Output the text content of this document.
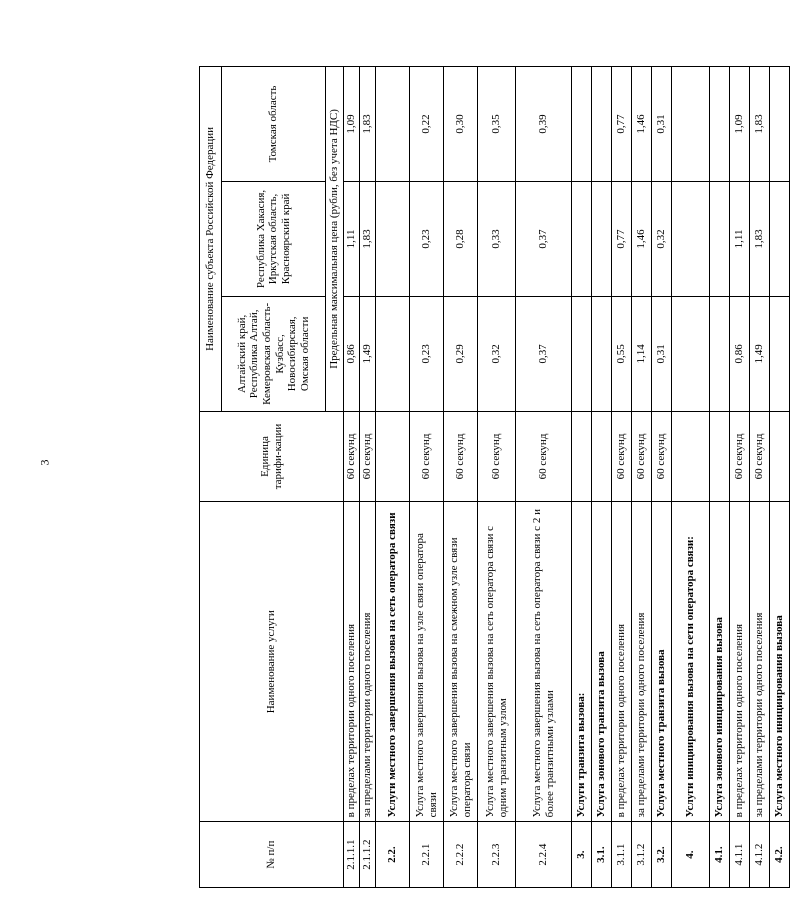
3
№ п/п	Наименование услуги	Единица тарифи-кации	Наименование субъекта Российской Федерации		
			Алтайский край, Республика Алтай, Кемеровская область-Кузбасс, Новосибирская, Омская области	Республика Хакасия, Иркутская область, Красноярский край	Томская область
			Предельная максимальная цена (рубли, без учета НДС)		
2.1.1.1	в пределах территории одного поселения	60 секунд	0,86	1,11	1,09
2.1.1.2	за пределами территории одного поселения	60 секунд	1,49	1,83	1,83
2.2.	Услуги местного завершения вызова на сеть оператора связи				
2.2.1	Услуга местного завершения вызова на узле связи оператора связи	60 секунд	0,23	0,23	0,22
2.2.2	Услуга местного завершения вызова на смежном узле связи оператора связи	60 секунд	0,29	0,28	0,30
2.2.3	Услуга местного завершения вызова на сеть оператора связи с одним транзитным узлом	60 секунд	0,32	0,33	0,35
2.2.4	Услуга местного завершения вызова на сеть оператора связи с 2 и более транзитными узлами	60 секунд	0,37	0,37	0,39
3.	Услуги транзита вызова:				
3.1.	Услуга зонового транзита вызова				
3.1.1	в пределах территории одного поселения	60 секунд	0,55	0,77	0,77
3.1.2	за пределами территории одного поселения	60 секунд	1,14	1,46	1,46
3.2.	Услуга местного транзита вызова	60 секунд	0,31	0,32	0,31
4.	Услуги инициирования вызова на сети оператора связи:				
4.1.	Услуга зонового инициирования вызова				
4.1.1	в пределах территории одного поселения	60 секунд	0,86	1,11	1,09
4.1.2	за пределами территории одного поселения	60 секунд	1,49	1,83	1,83
4.2.	Услуга местного инициирования вызова				
